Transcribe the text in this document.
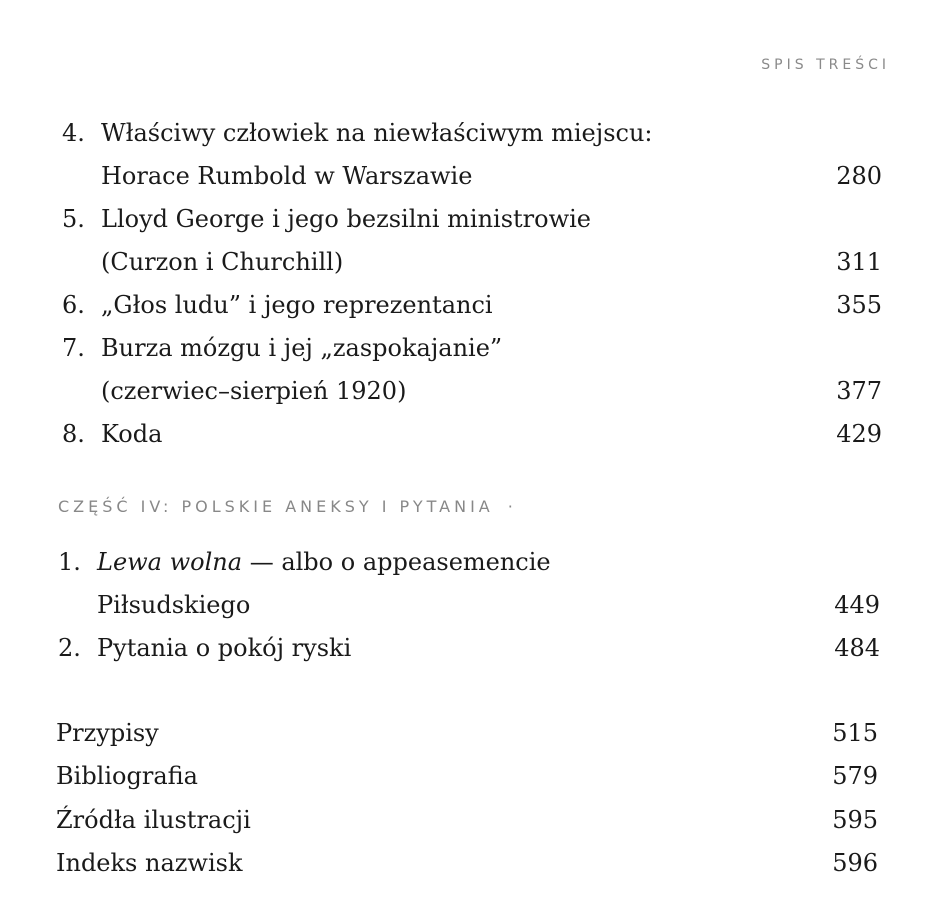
SPIS TREŚCI
4. Właściwy człowiek na niewłaściwym miejscu:
Horace Rumbold w Warszawie	280
5. Lloyd George i jego bezsilni ministrowie
(Curzon i Churchill)	311
6. „Głos ludu” i jego reprezentanci	355
7. Burza mózgu i jej „zaspokajanie”
(czerwiec–sierpień 1920)	377
8. Koda	429
CZĘŚĆ IV: POLSKIE ANEKSY I PYTANIA ·
1. Lewa wolna — albo o appeasemencie
Piłsudskiego	449
2. Pytania o pokój ryski	484
Przypisy	515
Bibliografia	579
Źródła ilustracji	595
Indeks nazwisk	596
